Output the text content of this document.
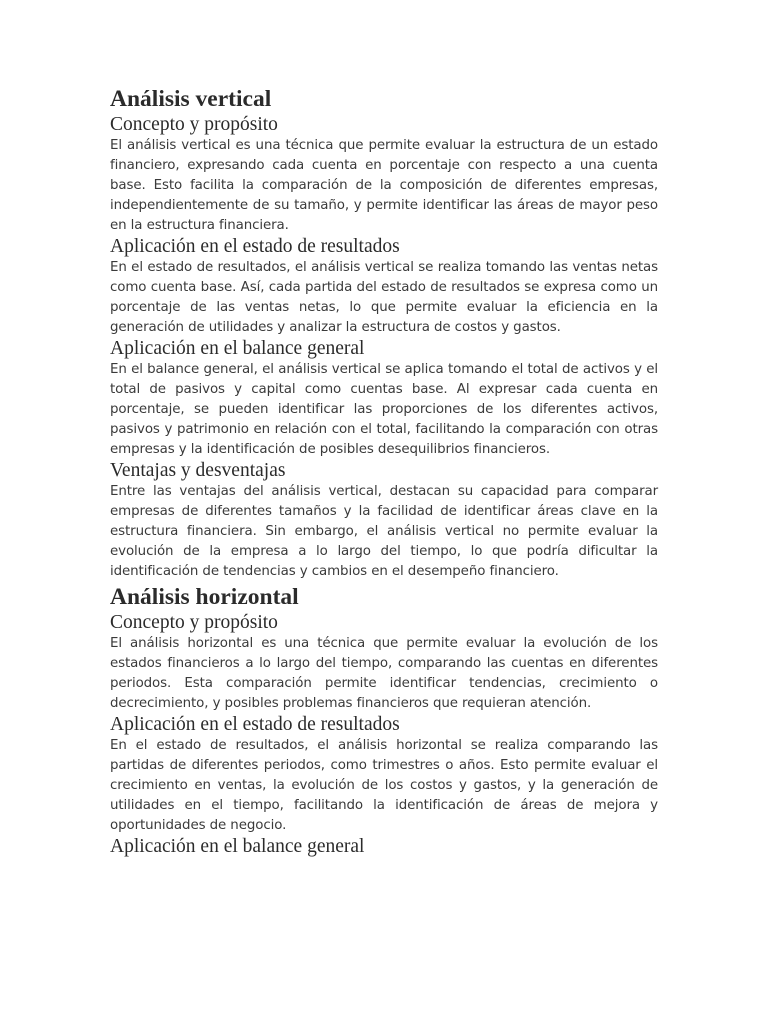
Análisis vertical
Concepto y propósito

El análisis vertical es una técnica que permite evaluar la estructura de un estado financiero, expresando cada cuenta en porcentaje con respecto a una cuenta base. Esto facilita la comparación de la composición de diferentes empresas, independientemente de su tamaño, y permite identificar las áreas de mayor peso en la estructura financiera.

Aplicación en el estado de resultados

En el estado de resultados, el análisis vertical se realiza tomando las ventas netas como cuenta base. Así, cada partida del estado de resultados se expresa como un porcentaje de las ventas netas, lo que permite evaluar la eficiencia en la generación de utilidades y analizar la estructura de costos y gastos.

Aplicación en el balance general

En el balance general, el análisis vertical se aplica tomando el total de activos y el total de pasivos y capital como cuentas base. Al expresar cada cuenta en porcentaje, se pueden identificar las proporciones de los diferentes activos, pasivos y patrimonio en relación con el total, facilitando la comparación con otras empresas y la identificación de posibles desequilibrios financieros.

Ventajas y desventajas

Entre las ventajas del análisis vertical, destacan su capacidad para comparar empresas de diferentes tamaños y la facilidad de identificar áreas clave en la estructura financiera. Sin embargo, el análisis vertical no permite evaluar la evolución de la empresa a lo largo del tiempo, lo que podría dificultar la identificación de tendencias y cambios en el desempeño financiero.

Análisis horizontal
Concepto y propósito

El análisis horizontal es una técnica que permite evaluar la evolución de los estados financieros a lo largo del tiempo, comparando las cuentas en diferentes periodos. Esta comparación permite identificar tendencias, crecimiento o decrecimiento, y posibles problemas financieros que requieran atención.

Aplicación en el estado de resultados

En el estado de resultados, el análisis horizontal se realiza comparando las partidas de diferentes periodos, como trimestres o años. Esto permite evaluar el crecimiento en ventas, la evolución de los costos y gastos, y la generación de utilidades en el tiempo, facilitando la identificación de áreas de mejora y oportunidades de negocio.

Aplicación en el balance general
